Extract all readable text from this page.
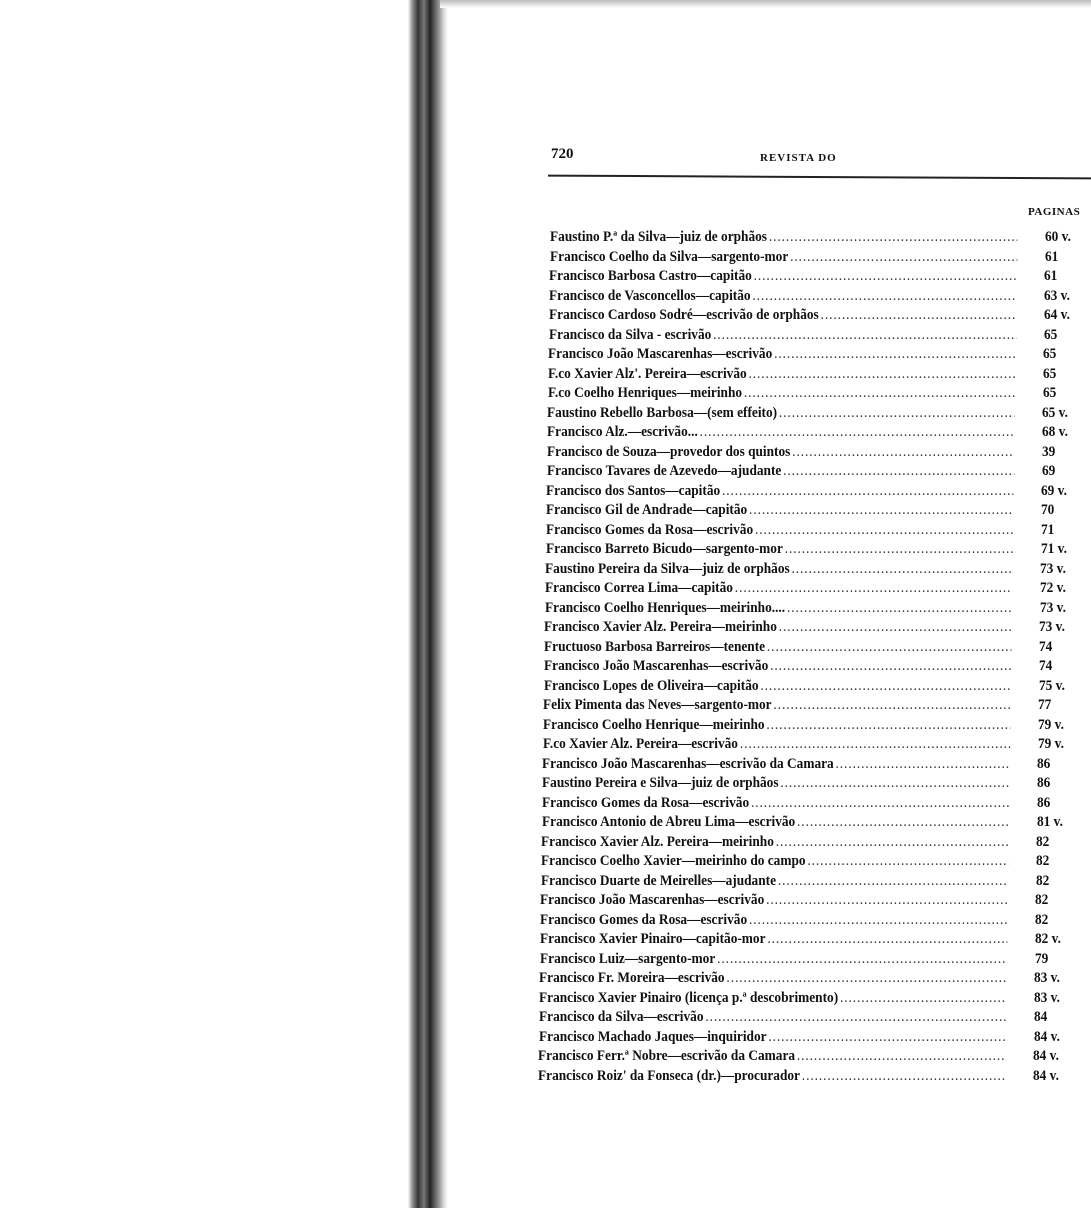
720	REVISTA DO
PAGINAS
Faustino P.ª da Silva—juiz de orphãos .....	60 v.
Francisco Coelho da Silva—sargento-mor .....	61
Francisco Barbosa Castro—capitão .....	61
Francisco de Vasconcellos—capitão .....	63 v.
Francisco Cardoso Sodré—escrivão de orphãos .....	64 v.
Francisco da Silva - escrivão .....	65
Francisco João Mascarenhas—escrivão .....	65
F.co Xavier Alz'. Pereira—escrivão .....	65
F.co Coelho Henriques—meirinho .....	65
Faustino Rebello Barbosa—(sem effeito) .....	65 v.
Francisco Alz.—escrivão... .....	68 v.
Francisco de Souza—provedor dos quintos .....	39
Francisco Tavares de Azevedo—ajudante .....	69
Francisco dos Santos—capitão .....	69 v.
Francisco Gil de Andrade—capitão .....	70
Francisco Gomes da Rosa—escrivão .....	71
Francisco Barreto Bicudo—sargento-mor .....	71 v.
Faustino Pereira da Silva—juiz de orphãos .....	73 v.
Francisco Correa Lima—capitão .....	72 v.
Francisco Coelho Henriques—meirinho.... .....	73 v.
Francisco Xavier Alz. Pereira—meirinho .....	73 v.
Fructuoso Barbosa Barreiros—tenente .....	74
Francisco João Mascarenhas—escrivão .....	74
Francisco Lopes de Oliveira—capitão .....	75 v.
Felix Pimenta das Neves—sargento-mor .....	77
Francisco Coelho Henrique—meirinho .....	79 v.
F.co Xavier Alz. Pereira—escrivão .....	79 v.
Francisco João Mascarenhas—escrivão da Camara .....	86
Faustino Pereira e Silva—juiz de orphãos .....	86
Francisco Gomes da Rosa—escrivão .....	86
Francisco Antonio de Abreu Lima—escrivão .....	81 v.
Francisco Xavier Alz. Pereira—meirinho .....	82
Francisco Coelho Xavier—meirinho do campo .....	82
Francisco Duarte de Meirelles—ajudante .....	82
Francisco João Mascarenhas—escrivão .....	82
Francisco Gomes da Rosa—escrivão .....	82
Francisco Xavier Pinairo—capitão-mor .....	82 v.
Francisco Luiz—sargento-mor .....	79
Francisco Fr. Moreira—escrivão .....	83 v.
Francisco Xavier Pinairo (licença p.ª descobrimento) .....	83 v.
Francisco da Silva—escrivão .....	84
Francisco Machado Jaques—inquiridor .....	84 v.
Francisco Ferr.ª Nobre—escrivão da Camara .....	84 v.
Francisco Roiz' da Fonseca (dr.)—procurador .....	84 v.
